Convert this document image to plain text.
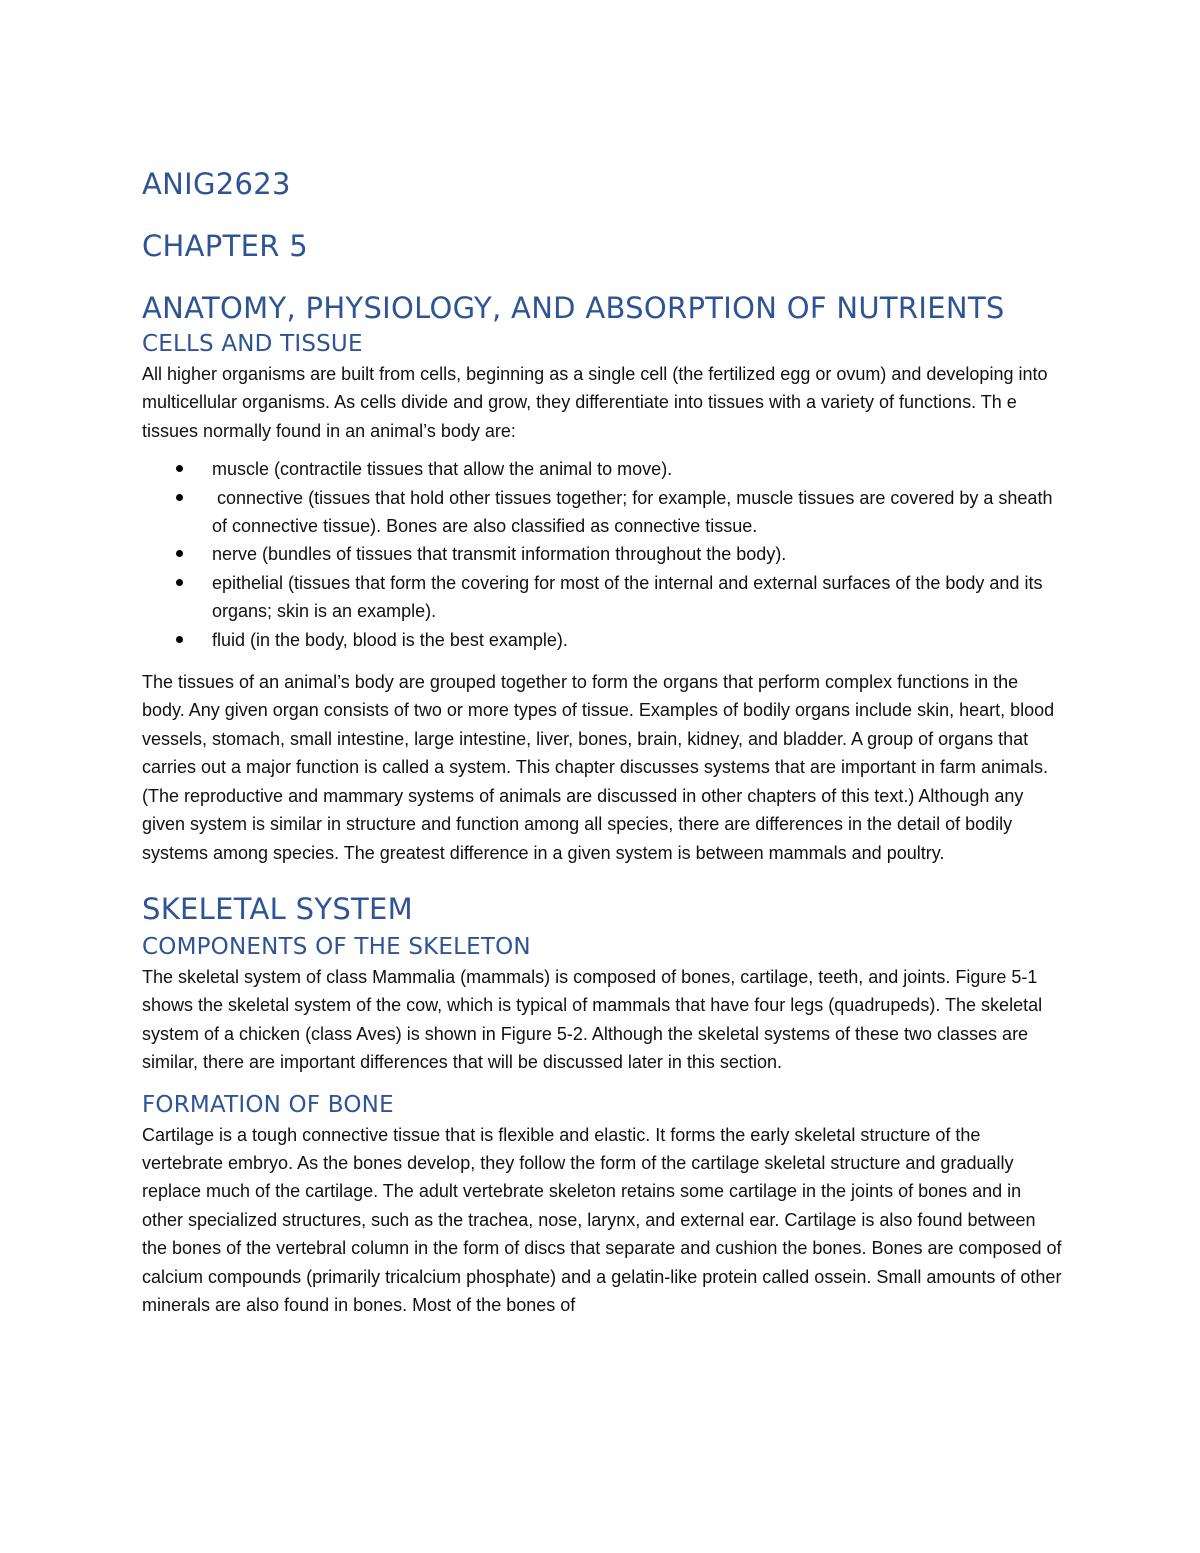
ANIG2623
CHAPTER 5
ANATOMY, PHYSIOLOGY, AND ABSORPTION OF NUTRIENTS
CELLS AND TISSUE

All higher organisms are built from cells, beginning as a single cell (the fertilized egg or ovum) and developing into multicellular organisms. As cells divide and grow, they differentiate into tissues with a variety of functions. Th e tissues normally found in an animal’s body are:

muscle (contractile tissues that allow the animal to move).
connective (tissues that hold other tissues together; for example, muscle tissues are covered by a sheath of connective tissue). Bones are also classified as connective tissue.
nerve (bundles of tissues that transmit information throughout the body).
epithelial (tissues that form the covering for most of the internal and external surfaces of the body and its organs; skin is an example).
fluid (in the body, blood is the best example).

The tissues of an animal’s body are grouped together to form the organs that perform complex functions in the body. Any given organ consists of two or more types of tissue. Examples of bodily organs include skin, heart, blood vessels, stomach, small intestine, large intestine, liver, bones, brain, kidney, and bladder. A group of organs that carries out a major function is called a system. This chapter discusses systems that are important in farm animals. (The reproductive and mammary systems of animals are discussed in other chapters of this text.) Although any given system is similar in structure and function among all species, there are differences in the detail of bodily systems among species. The greatest difference in a given system is between mammals and poultry.

SKELETAL SYSTEM
COMPONENTS OF THE SKELETON

The skeletal system of class Mammalia (mammals) is composed of bones, cartilage, teeth, and joints. Figure 5-1 shows the skeletal system of the cow, which is typical of mammals that have four legs (quadrupeds). The skeletal system of a chicken (class Aves) is shown in Figure 5-2. Although the skeletal systems of these two classes are similar, there are important differences that will be discussed later in this section.

FORMATION OF BONE

Cartilage is a tough connective tissue that is flexible and elastic. It forms the early skeletal structure of the vertebrate embryo. As the bones develop, they follow the form of the cartilage skeletal structure and gradually replace much of the cartilage. The adult vertebrate skeleton retains some cartilage in the joints of bones and in other specialized structures, such as the trachea, nose, larynx, and external ear. Cartilage is also found between the bones of the vertebral column in the form of discs that separate and cushion the bones. Bones are composed of calcium compounds (primarily tricalcium phosphate) and a gelatin-like protein called ossein. Small amounts of other minerals are also found in bones. Most of the bones of
